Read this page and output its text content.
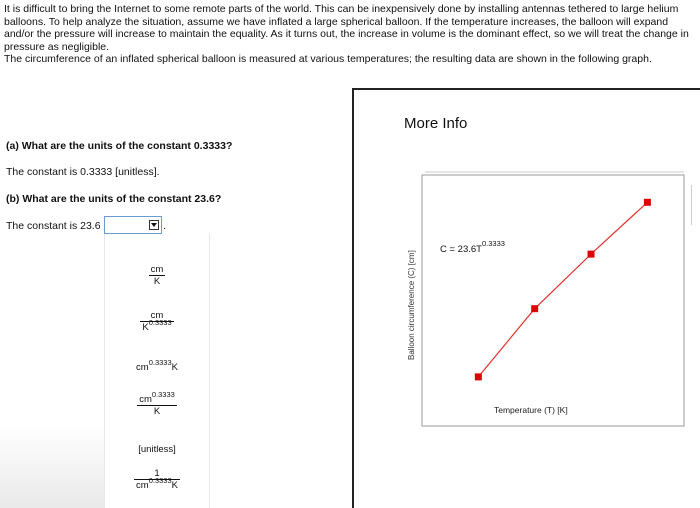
It is difficult to bring the Internet to some remote parts of the world. This can be inexpensively done by installing antennas tethered to large helium balloons. To help analyze the situation, assume we have inflated a large spherical balloon. If the temperature increases, the balloon will expand and/or the pressure will increase to maintain the equality. As it turns out, the increase in volume is the dominant effect, so we will treat the change in pressure as negligible.

The circumference of an inflated spherical balloon is measured at various temperatures; the resulting data are shown in the following graph.

(a) What are the units of the constant 0.3333?
The constant is 0.3333 [unitless].
(b) What are the units of the constant 23.6?
The constant is 23.6	.
$\frac{cm}{K}$
$\frac{cm}{K^{0.3333}}$
$cm^{0.3333}K$
$\frac{cm^{0.3333}}{K}$
[unitless]
$\frac{1}{cm^{0.3333}K}$
More Info
Balloon circumference (C) [cm]
Temperature (T) [K]
$C = 23.6T^{0.3333}$
